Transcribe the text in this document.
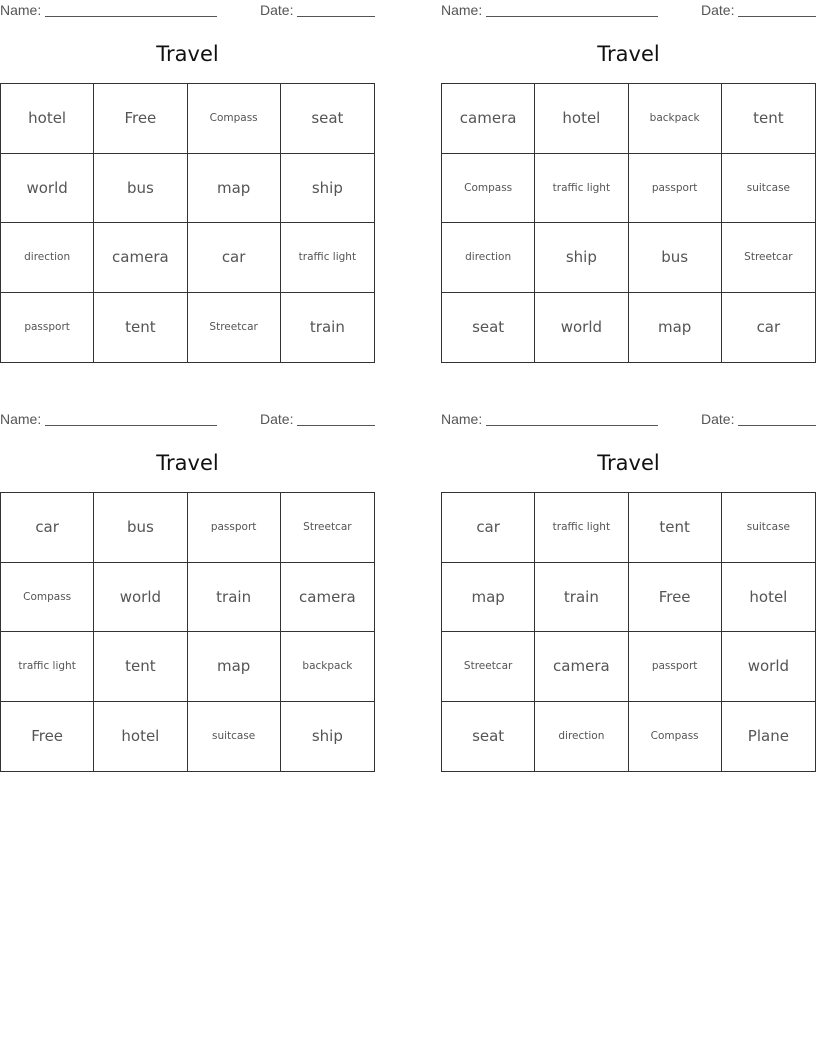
Name:	Date:
Travel
hotel	Free	Compass	seat
world	bus	map	ship
direction	camera	car	traffic light
passport	tent	Streetcar	train
Name:	Date:
Travel
camera	hotel	backpack	tent
Compass	traffic light	passport	suitcase
direction	ship	bus	Streetcar
seat	world	map	car
Name:	Date:
Travel
car	bus	passport	Streetcar
Compass	world	train	camera
traffic light	tent	map	backpack
Free	hotel	suitcase	ship
Name:	Date:
Travel
car	traffic light	tent	suitcase
map	train	Free	hotel
Streetcar	camera	passport	world
seat	direction	Compass	Plane
